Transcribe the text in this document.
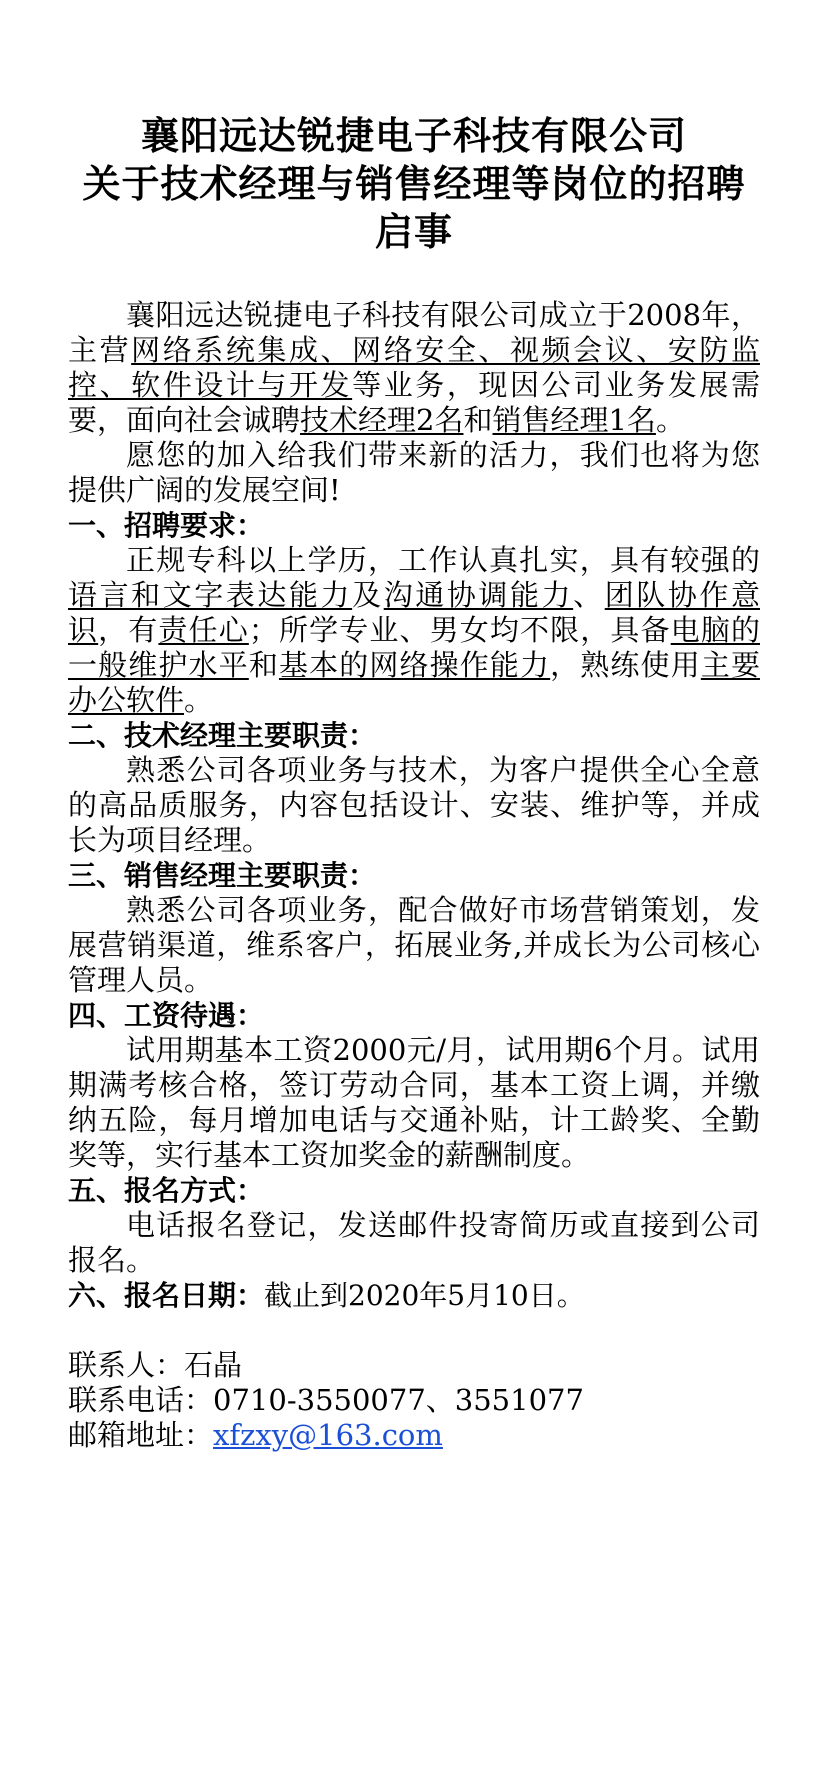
襄阳远达锐捷电子科技有限公司
关于技术经理与销售经理等岗位的招聘
启事

襄阳远达锐捷电子科技有限公司成立于2008年，主营网络系统集成、网络安全、视频会议、安防监控、软件设计与开发等业务，现因公司业务发展需要，面向社会诚聘技术经理2名和销售经理1名。

愿您的加入给我们带来新的活力，我们也将为您提供广阔的发展空间!

一、招聘要求：

正规专科以上学历，工作认真扎实，具有较强的语言和文字表达能力及沟通协调能力、团队协作意识，有责任心；所学专业、男女均不限，具备电脑的一般维护水平和基本的网络操作能力，熟练使用主要办公软件。

二、技术经理主要职责：

熟悉公司各项业务与技术，为客户提供全心全意的高品质服务，内容包括设计、安装、维护等，并成长为项目经理。

三、销售经理主要职责：

熟悉公司各项业务，配合做好市场营销策划，发展营销渠道，维系客户，拓展业务,并成长为公司核心管理人员。

四、工资待遇：

试用期基本工资2000元/月，试用期6个月。试用期满考核合格，签订劳动合同，基本工资上调，并缴纳五险，每月增加电话与交通补贴，计工龄奖、全勤奖等，实行基本工资加奖金的薪酬制度。

五、报名方式：

电话报名登记，发送邮件投寄简历或直接到公司报名。

六、报名日期：截止到2020年5月10日。

联系人：石晶

联系电话：0710-3550077、3551077

邮箱地址：xfzxy@163.com
